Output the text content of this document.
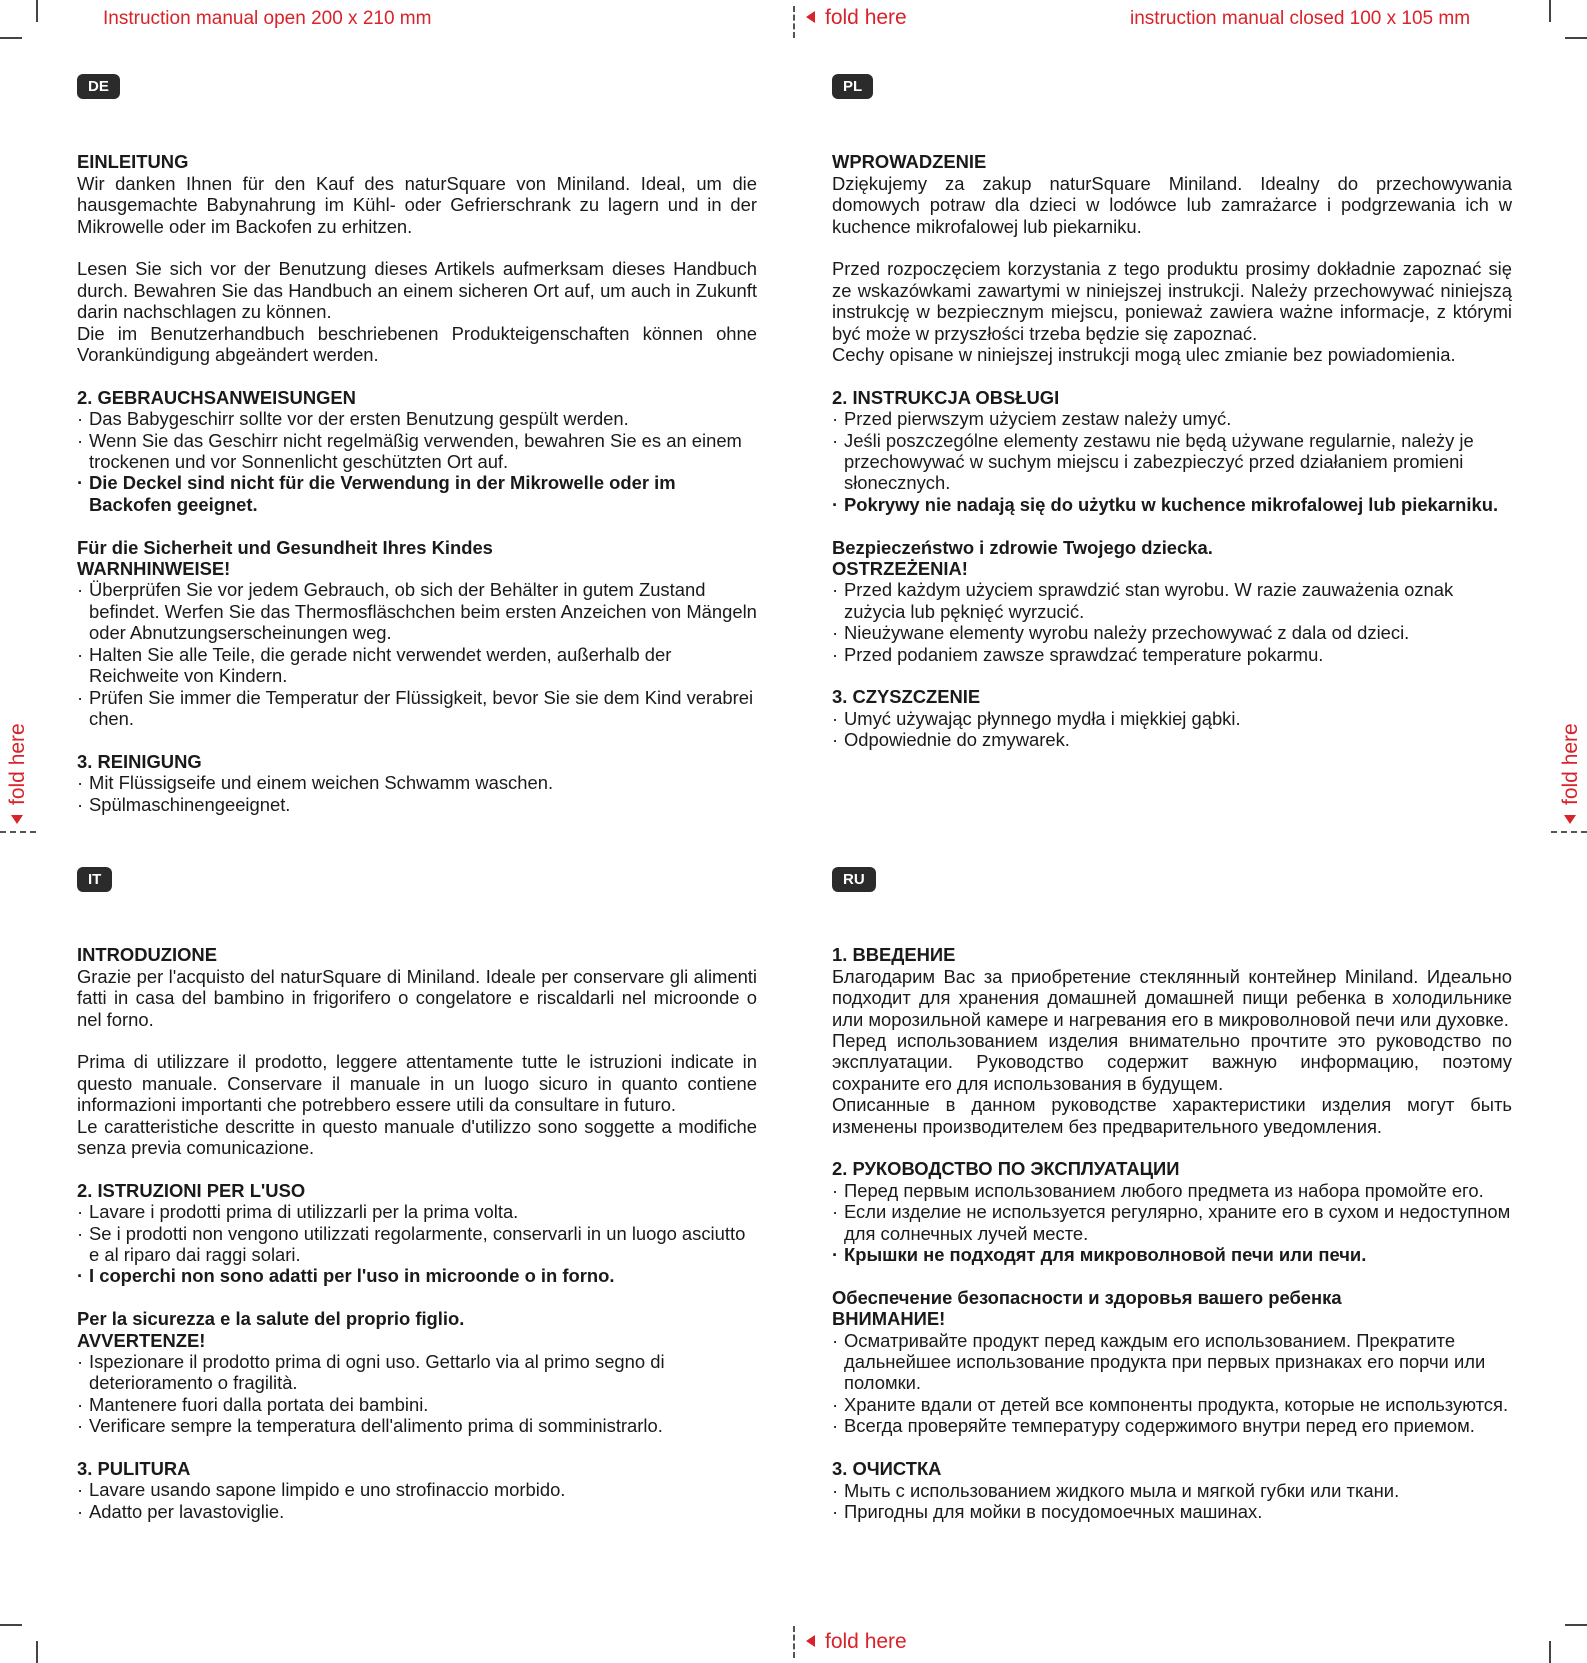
Instruction manual open 200 x 210 mm	instruction manual closed 100 x 105 mm
fold here
fold here
fold here	fold here
DE
EINLEITUNG

Wir danken Ihnen für den Kauf des naturSquare von Miniland. Ideal, um die hausgemachte Babynahrung im Kühl- oder Gefrierschrank zu lagern und in der Mikrowelle oder im Backofen zu erhitzen.

Lesen Sie sich vor der Benutzung dieses Artikels aufmerksam dieses Handbuch durch. Bewahren Sie das Handbuch an einem sicheren Ort auf, um auch in Zukunft darin nachschlagen zu können.

Die im Benutzerhandbuch beschriebenen Produkteigenschaften können ohne Vorankündigung abgeändert werden.

2. GEBRAUCHSANWEISUNGEN
· Das Babygeschirr sollte vor der ersten Benutzung gespült werden.
· Wenn Sie das Geschirr nicht regelmäßig verwenden, bewahren Sie es an einem trockenen und vor Sonnenlicht geschützten Ort auf.
· Die Deckel sind nicht für die Verwendung in der Mikrowelle oder im Backofen geeignet.
Für die Sicherheit und Gesundheit Ihres Kindes
WARNHINWEISE!
· Überprüfen Sie vor jedem Gebrauch, ob sich der Behälter in gutem Zustand befindet. Werfen Sie das Thermosfläschchen beim ersten Anzeichen von Mängeln oder Abnutzungserscheinungen weg.
· Halten Sie alle Teile, die gerade nicht verwendet werden, außerhalb der Reichweite von Kindern.
· Prüfen Sie immer die Temperatur der Flüssigkeit, bevor Sie sie dem Kind verabrei chen.
3. REINIGUNG
· Mit Flüssigseife und einem weichen Schwamm waschen.
· Spülmaschinengeeignet.
PL
WPROWADZENIE

Dziękujemy za zakup naturSquare Miniland. Idealny do przechowywania domowych potraw dla dzieci w lodówce lub zamrażarce i podgrzewania ich w kuchence mikrofalowej lub piekarniku.

Przed rozpoczęciem korzystania z tego produktu prosimy dokładnie zapoznać się ze wskazówkami zawartymi w niniejszej instrukcji. Należy przechowywać niniejszą instrukcję w bezpiecznym miejscu, ponieważ zawiera ważne informacje, z którymi być może w przyszłości trzeba będzie się zapoznać.

Cechy opisane w niniejszej instrukcji mogą ulec zmianie bez powiadomienia.

2. INSTRUKCJA OBSŁUGI
· Przed pierwszym użyciem zestaw należy umyć.
· Jeśli poszczególne elementy zestawu nie będą używane regularnie, należy je przechowywać w suchym miejscu i zabezpieczyć przed działaniem promieni słonecznych.
· Pokrywy nie nadają się do użytku w kuchence mikrofalowej lub piekarniku.
Bezpieczeństwo i zdrowie Twojego dziecka.
OSTRZEŻENIA!
· Przed każdym użyciem sprawdzić stan wyrobu. W razie zauważenia oznak zużycia lub pęknięć wyrzucić.
· Nieużywane elementy wyrobu należy przechowywać z dala od dzieci.
· Przed podaniem zawsze sprawdzać temperature pokarmu.
3. CZYSZCZENIE
· Umyć używając płynnego mydła i miękkiej gąbki.
· Odpowiednie do zmywarek.
IT
INTRODUZIONE

Grazie per l'acquisto del naturSquare di Miniland. Ideale per conservare gli alimenti fatti in casa del bambino in frigorifero o congelatore e riscaldarli nel microonde o nel forno.

Prima di utilizzare il prodotto, leggere attentamente tutte le istruzioni indicate in questo manuale. Conservare il manuale in un luogo sicuro in quanto contiene informazioni importanti che potrebbero essere utili da consultare in futuro.

Le caratteristiche descritte in questo manuale d'utilizzo sono soggette a modifiche senza previa comunicazione.

2. ISTRUZIONI PER L'USO
· Lavare i prodotti prima di utilizzarli per la prima volta.
· Se i prodotti non vengono utilizzati regolarmente, conservarli in un luogo asciutto e al riparo dai raggi solari.
· I coperchi non sono adatti per l'uso in microonde o in forno.
Per la sicurezza e la salute del proprio figlio.
AVVERTENZE!
· Ispezionare il prodotto prima di ogni uso. Gettarlo via al primo segno di deterioramento o fragilità.
· Mantenere fuori dalla portata dei bambini.
· Verificare sempre la temperatura dell'alimento prima di somministrarlo.
3. PULITURA
· Lavare usando sapone limpido e uno strofinaccio morbido.
· Adatto per lavastoviglie.
RU
1. ВВЕДЕНИЕ

Благодарим Вас за приобретение стеклянный контейнер Miniland. Идеально подходит для хранения домашней домашней пищи ребенка в холодильнике или морозильной камере и нагревания его в микроволновой печи или духовке.

Перед использованием изделия внимательно прочтите это руководство по эксплуатации. Руководство содержит важную информацию, поэтому сохраните его для использования в будущем.

Описанные в данном руководстве характеристики изделия могут быть изменены производителем без предварительного уведомления.

2. РУКОВОДСТВО ПО ЭКСПЛУАТАЦИИ
· Перед первым использованием любого предмета из набора промойте его.
· Если изделие не используется регулярно, храните его в сухом и недоступном для солнечных лучей месте.
· Крышки не подходят для микроволновой печи или печи.
Обеспечение безопасности и здоровья вашего ребенка
ВНИМАНИЕ!
· Осматривайте продукт перед каждым его использованием. Прекратите дальнейшее использование продукта при первых признаках его порчи или поломки.
· Храните вдали от детей все компоненты продукта, которые не используются.
· Всегда проверяйте температуру содержимого внутри перед его приемом.
3. ОЧИСТКА
· Мыть с использованием жидкого мыла и мягкой губки или ткани.
· Пригодны для мойки в посудомоечных машинах.
